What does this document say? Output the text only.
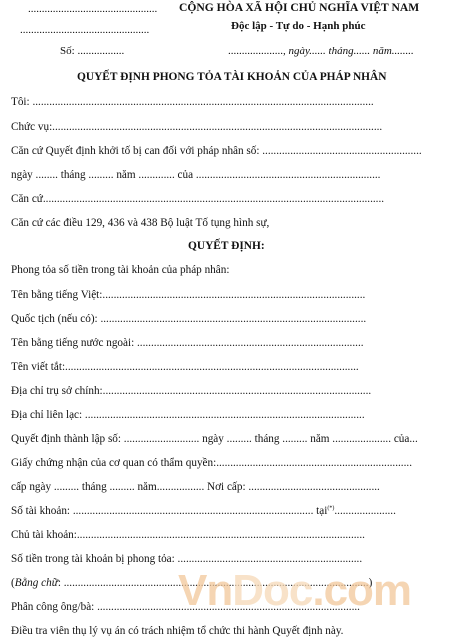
...............................................
...............................................
CỘNG HÒA XÃ HỘI CHỦ NGHĨA VIỆT NAM
Độc lập - Tự do - Hạnh phúc
Số: .................	...................., ngày...... tháng...... năm........
QUYẾT ĐỊNH PHONG TỎA TÀI KHOẢN CỦA PHÁP NHÂN
Tôi: ..........................................................................................................................
Chức vụ:......................................................................................................................
Căn cứ Quyết định khởi tố bị can đối với pháp nhân số: .........................................................
ngày ........ tháng ......... năm ............. của ..................................................................
Căn cứ..........................................................................................................................
Căn cứ các điều 129, 436 và 438 Bộ luật Tố tụng hình sự,
QUYẾT ĐỊNH:
Phong tỏa số tiền trong tài khoản của pháp nhân:
Tên bằng tiếng Việt:..............................................................................................
Quốc tịch (nếu có): ...............................................................................................
Tên bằng tiếng nước ngoài: .................................................................................
Tên viết tắt:.........................................................................................................
Địa chỉ trụ sở chính:................................................................................................
Địa chỉ liên lạc: ....................................................................................................
Quyết định thành lập số: ........................... ngày ......... tháng ......... năm ..................... của...
Giấy chứng nhận của cơ quan có thẩm quyền:......................................................................
cấp ngày ......... tháng ......... năm................. Nơi cấp: ...............................................
Số tài khoản: ...................................................................................... tại(*)......................
Chủ tài khoản:.......................................................................................................
Số tiền trong tài khoản bị phong tỏa: ..................................................................
(Bằng chữ: .............................................................................................................)
Phân công ông/bà: ..............................................................................................
Điều tra viên thụ lý vụ án có trách nhiệm tổ chức thi hành Quyết định này.
VnDoc.com
